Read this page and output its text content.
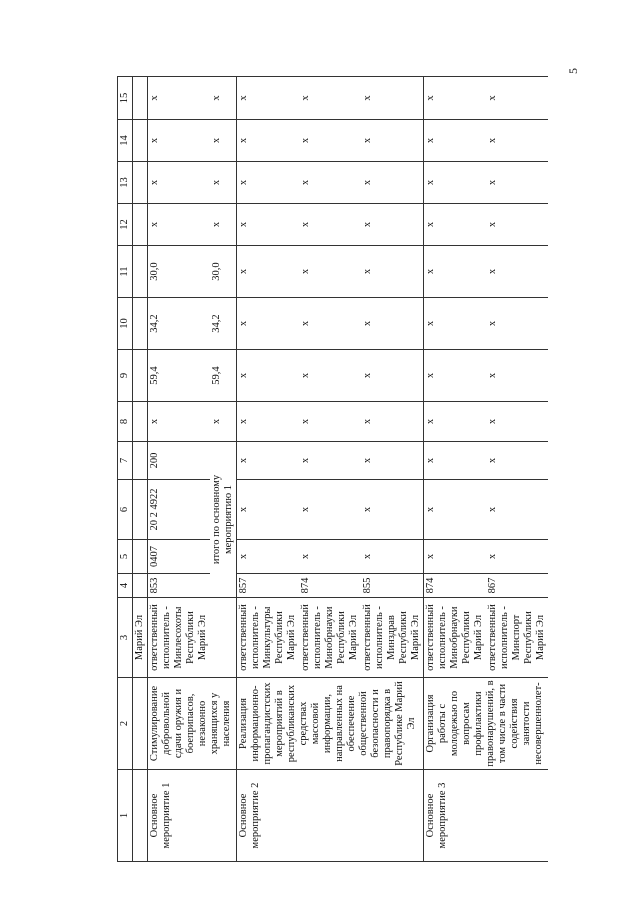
5
1	2	3	4	5	6	7	8	9	10	11	12	13	14	15
		Марий Эл												
Основное мероприятие 1	Стимулирование добровольной сдачи оружия и боеприпасов, незаконно хранящихся у населения	ответственный исполнитель - Минлесохоты Республики Марий Эл	853	0407	20 2 4922	200	х	59,4	34,2	30,0	х	х	х	х
			итого по основному мероприятию 1				х	59,4	34,2	30,0	х	х	х	х
Основное мероприятие 2	Реализация информационно-пропагандистских мероприятий в республиканских средствах массовой информации, направленных на обеспечение общественной безопасности и правопорядка в Республике Марий Эл	ответственный исполнитель - Минкультуры Республики Марий Эл	857	х	х	х	х	х	х	х	х	х	х	х
		ответственный исполнитель - Минобрнауки Республики Марий Эл	874	х	х	х	х	х	х	х	х	х	х	х
		ответственный исполнитель - Минздрав Республики Марий Эл	855	х	х	х	х	х	х	х	х	х	х	х
Основное мероприятие 3	Организация работы с молодежью по вопросам профилактики правонарушений, в том числе в части содействия занятости несовершеннолет-	ответственный исполнитель - Минобрнауки Республики Марий Эл	874	х	х	х	х	х	х	х	х	х	х	х
		ответственный исполнитель - Минспорт Республики Марий Эл	867	х	х	х	х	х	х	х	х	х	х	х
